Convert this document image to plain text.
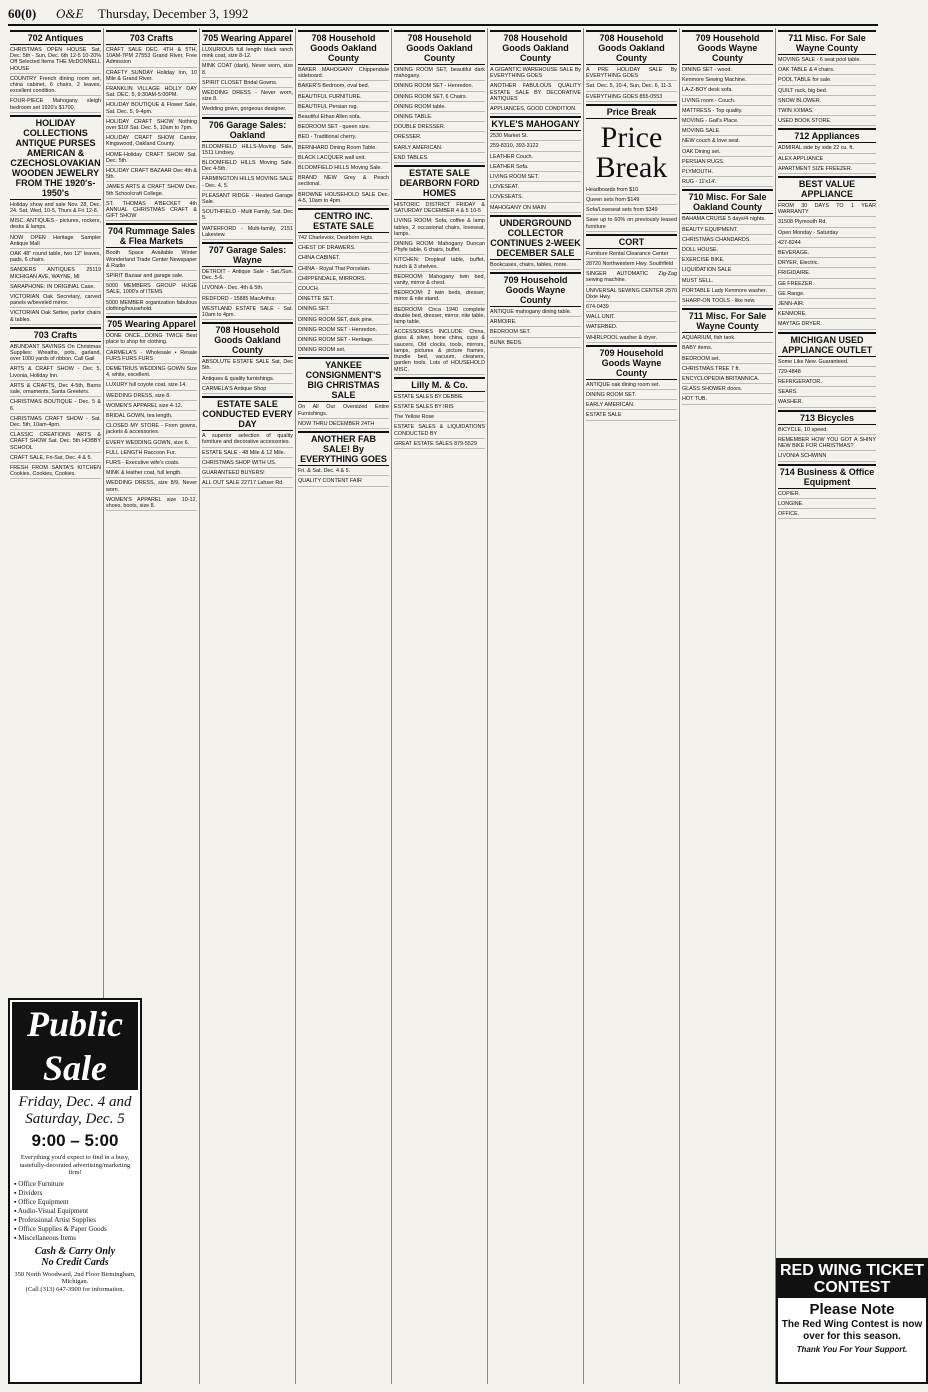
60(0) O&E Thursday, December 3, 1992
702 Antiques
CHRISTMAS OPEN HOUSE Sat, Dec. 5th - Sun, Dec. 6th 12-5 10-20% Off Selected Items THE McDONNELL HOUSE
COUNTRY French dining room set, china cabinet, 6 chairs, 2 leaves, excellent condition.
FOUR-PIECE Mahogany sleigh bedroom set 1920's $1700.
HOLIDAY COLLECTIONS ANTIQUE PURSES AMERICAN & CZECHOSLOVAKIAN WOODEN JEWELRY FROM THE 1920's-1950's
Holiday show and sale Nov. 28, Dec. 24. Sat, Wed, 10-5, Thurs & Fri 12-8.
MISC. ANTIQUES - pictures, rockers, desks & lamps.
NOW OPEN Heritage Sampler Antique Mall
OAK 48" round table, two 12" leaves, pads, 6 chairs.
SANDERS ANTIQUES 25119 MICHIGAN AVE, WAYNE, MI
SARAPHONE: IN ORIGINAL Case.
VICTORIAN Oak Secretary, carved panels w/beveled mirror.
VICTORIAN Oak Settee, parlor chairs & tables.
703 Crafts
ABUNDANT SAVINGS On Christmas Supplies: Wreaths, pots, garland, over 1000 yards of ribbon. Call Gail
ARTS & CRAFT SHOW - Dec 5, Livonia, Holiday Inn.
ARTS & CRAFTS, Dec 4-5th, Barns sale, ornaments, Santa Greeters.
CHRISTMAS BOUTIQUE - Dec. 5 & 6.
CHRISTMAS CRAFT SHOW - Sat. Dec. 5th, 10am-4pm.
CLASSIC CREATIONS ARTS & CRAFT SHOW Sat. Dec. 5th HOBBY SCHOOL
CRAFT SALE, Fri-Sat, Dec. 4 & 5.
FRESH FROM SANTA'S KITCHEN Cookies, Cookies, Cookies.
Public Sale
Friday, Dec. 4 and Saturday, Dec. 5
9:00 – 5:00
Everything you'd expect to find in a busy, tastefully-decorated advertising/marketing firm!
▪ Office Furniture
▪ Dividers
▪ Office Equipment
▪ Audio-Visual Equipment
▪ Professional Artist Supplies
▪ Office Supplies & Paper Goods
▪ Miscellaneous Items
Cash & Carry Only
No Credit Cards
350 North Woodward, 2nd Floor Birmingham, Michigan.
(Call (313) 647-3900 for information.
703 Crafts
CRAFT SALE DEC. 4TH & 5TH, 10AM-7PM 27553 Grand River, Free Admission
CRAFTY SUNDAY Holiday Inn, 10 Mile & Grand River.
FRANKLIN VILLAGE HOLLY DAY Sat. DEC. 5, 9:30AM-5:00PM.
HOLIDAY BOUTIQUE & Flower Sale, Sat. Dec. 5, 9-4pm.
HOLIDAY CRAFT SHOW Nothing over $10! Sat. Dec. 5, 10am to 7pm.
HOLIDAY CRAFT SHOW Cantor, Kingswood, Oakland County.
HOME-Holiday CRAFT SHOW Sat. Dec. 5th.
HOLIDAY CRAFT BAZAAR Dec 4th & 5th.
JAMES ARTS & CRAFT SHOW Dec. 5th Schoolcraft College.
ST. THOMAS A'BECKET 4th ANNUAL CHRISTMAS CRAFT & GIFT SHOW
704 Rummage Sales & Flea Markets
Booth Space Available Winter Wonderland Trade Center Newspaper & Radio
SPIRIT Bazaar and garage sale.
5000 MEMBERS GROUP HUGE SALE, 1000's of ITEMS
5000 MEMBER organization fabulous clothing/household.
705 Wearing Apparel
DONE ONCE...DOING TWICE Best place to shop for clothing.
CARMELA'S - Wholesale • Resale FURS FURS FURS
DEMETRIUS WEDDING GOWN Size 4, white, excellent.
LUXURY full coyote coat, size 14.
WEDDING DRESS, size 8.
WOMEN'S APPAREL size 4-12.
BRIDAL GOWN, tea length.
CLOSED MY STORE - From gowns, jackets & accessories.
EVERY WEDDING GOWN, size 6.
FULL LENGTH Raccoon Fur.
FURS - Executive wife's coats.
MINK & leather coat, full length.
WEDDING DRESS, size 8/9, Never worn.
WOMEN'S APPAREL size 10-12, shoes, boots, size 8.
705 Wearing Apparel
LUXURIOUS full length black ranch mink coat, size 8-12.
MINK COAT (dark), Never worn, size 8.
SPIRIT CLOSET Bridal Gowns.
WEDDING DRESS - Never worn, size 8.
Wedding gown, gorgeous designer.
706 Garage Sales: Oakland
BLOOMFIELD HILLS-Moving Sale, 1511 Lindsey.
BLOOMFIELD HILLS Moving Sale. Dec 4-5th.
FARMINGTON HILLS MOVING SALE - Dec. 4, 5.
PLEASANT RIDGE - Heated Garage Sale.
SOUTHFIELD - Multi Family, Sat. Dec 5.
WATERFORD - Multi-family, 2151 Lakeview.
707 Garage Sales: Wayne
DETROIT - Antique Sale - Sat./Sun. Dec. 5-6.
LIVONIA - Dec. 4th & 5th.
REDFORD - 15885 MacArthur.
WESTLAND ESTATE SALE - Sat. 10am to 4pm.
708 Household Goods Oakland County
ABSOLUTE ESTATE SALE Sat, Dec 5th.
Antiques & quality furnishings.
CARMELA'S Antique Shop
ESTATE SALE CONDUCTED EVERY DAY
A superior selection of quality furniture and decorative accessories.
ESTATE SALE - 48 Mile & 12 Mile.
CHRISTMAS SHOP WITH US.
GUARANTEED BUYERS!
ALL OUT SALE 22717 Lahser Rd.
708 Household Goods Oakland County
BAKER MAHOGANY Chippendale sideboard.
BAKER'S Bedroom, oval bed.
BEAUTIFUL FURNITURE.
BEAUTIFUL Persian rug.
Beautiful Ethan Allen sofa.
BEDROOM SET - queen size.
BED - Traditional cherry.
BERNHARD Dining Room Table.
BLACK LACQUER wall unit.
BLOOMFIELD HILLS Moving Sale.
BRAND NEW Grey & Peach sectional.
BROWNE HOUSEHOLD SALE Dec. 4-5, 10am to 4pm.
CENTRO INC. ESTATE SALE
742 Charlevoix, Dearborn Hgts.
CHEST OF DRAWERS.
CHINA CABINET.
CHINA - Royal Thai Porcelain.
CHIPPENDALE, MIRRORS.
COUCH.
DINETTE SET.
DINING SET.
DINING ROOM SET, dark pine.
DINING ROOM SET - Henredon.
DINING ROOM SET - Heritage.
DINING ROOM set.
YANKEE CONSIGNMENT'S BIG CHRISTMAS SALE
On All Our Oversized Entire Furnishings.
NOW THRU DECEMBER 24TH
ANOTHER FAB SALE! By EVERYTHING GOES
Fri. & Sat. Dec. 4 & 5.
QUALITY CONTENT FAIR
708 Household Goods Oakland County
DINING ROOM SET, beautiful dark mahogany.
DINING ROOM SET - Henredon.
DINING ROOM SET, 6 Chairs.
DINING ROOM table.
DINING TABLE.
DOUBLE DRESSER.
DRESSER.
EARLY AMERICAN.
END TABLES.
ESTATE SALE DEARBORN FORD HOMES
HISTORIC DISTRICT FRIDAY & SATURDAY DECEMBER 4 & 5 10-5
LIVING ROOM: Sofa, coffee & lamp tables, 2 occasional chairs, loveseat, lamps.
DINING ROOM: Mahogany Duncan Phyfe table, 6 chairs, buffet.
KITCHEN: Dropleaf table, buffet, hutch & 3 shelves.
BEDROOM: Mahogany twin bed, vanity, mirror & chest.
BEDROOM: 2 twin beds, dresser, mirror & nite stand.
BEDROOM: Circa 1940 complete double bed, dresser, mirror, nite table, lamp table.
ACCESSORIES INCLUDE: China, glass & silver, bone china, cups & saucers, Old clocks, tools, mirrors, lamps, pictures & picture frames, trundle bed, vacuum, cleaners, garden tools. Lots of HOUSEHOLD MISC.
Lilly M. & Co.
ESTATE SALES BY DEBBIE
ESTATE SALES BY IRIS
The Yellow Rose
ESTATE SALES & LIQUIDATIONS CONDUCTED BY
GREAT ESTATE SALES 879-5529
708 Household Goods Oakland County
A GIGANTIC WAREHOUSE SALE By EVERYTHING GOES
ANOTHER FABULOUS QUALITY ESTATE SALE BY DECORATIVE ANTIQUES
APPLIANCES, GOOD CONDITION.
KYLE'S MAHOGANY
2530 Market St.
259-8310, 393-3122
LEATHER Couch.
LEATHER Sofa.
LIVING ROOM SET.
LOVESEAT.
LOVESEATS.
MAHOGANY ON MAIN
UNDERGROUND COLLECTOR CONTINUES 2-WEEK DECEMBER SALE
Bookcases, chairs, tables, more.
709 Household Goods Wayne County
ANTIQUE mahogany dining table.
ARMOIRE.
BEDROOM SET.
BUNK BEDS.
708 Household Goods Oakland County
A PRE HOLIDAY SALE By EVERYTHING GOES
Sat. Dec. 5, 10-4, Sun, Dec. 6, 11-3.
EVERYTHING GOES 855-0553
Price Break
Price Break
Headboards from $10
Queen sets from $149
Sofa/Loveseat sets from $349
Save up to 60% on previously leased furniture
CORT
Furniture Rental Clearance Center
28720 Northwestern Hwy. Southfield
SINGER AUTOMATIC Zig-Zag sewing machine.
UNIVERSAL SEWING CENTER 2570 Dixie Hwy.
674-0439
WALL UNIT.
WATERBED.
WHIRLPOOL washer & dryer.
709 Household Goods Wayne County
ANTIQUE oak dining room set.
DINING ROOM SET.
EARLY AMERICAN.
ESTATE SALE
709 Household Goods Wayne County
DINING SET - wood.
Kenmore Sewing Machine.
LA-Z-BOY desk sofa.
LIVING room - Couch.
MATTRESS - Top quality.
MOVING - Gail's Place.
MOVING SALE.
NEW couch & love seat.
OAK Dining set.
PERSIAN RUGS.
PLYMOUTH.
RUG - 11'x14'.
710 Misc. For Sale Oakland County
BAHAMA CRUISE 5 days/4 nights.
BEAUTY EQUIPMENT.
CHRISTMAS CHANDARDS.
DOLL HOUSE.
EXERCISE BIKE.
LIQUIDATION SALE
MUST SELL.
PORTABLE Lady Kenmore washer.
SHARP-ON TOOLS - like new.
711 Misc. For Sale Wayne County
AQUARIUM, fish tank.
BABY items.
BEDROOM set.
CHRISTMAS TREE 7 ft.
ENCYCLOPEDIA BRITANNICA.
GLASS SHOWER doors.
HOT TUB.
711 Misc. For Sale Wayne County
MOVING SALE - 6 seat pool table.
OAK TABLE & 4 chairs.
POOL TABLE for sale.
QUILT rack, big bed.
SNOW BLOWER.
TWIN XXMAS.
USED BOOK STORE.
712 Appliances
ADMIRAL side by side 22 cu. ft.
ALEX APPLIANCE
APARTMENT SIZE FREEZER.
BEST VALUE APPLIANCE
FROM 30 DAYS TO 1 YEAR WARRANTY
31508 Plymouth Rd.
Open Monday - Saturday
427-8244
BEVERAGE.
DRYER, Electric.
FRIGIDAIRE.
GE FREEZER.
GE Range.
JENN-AIR.
KENMORE.
MAYTAG DRYER.
MICHIGAN USED APPLIANCE OUTLET
Some Like New. Guaranteed.
729-4848
REFRIGERATOR.
SEARS.
WASHER.
713 Bicycles
BICYCLE, 10 speed.
REMEMBER HOW YOU GOT A SHINY NEW BIKE FOR CHRISTMAS?
LIVONIA SCHWINN
714 Business & Office Equipment
COPIER.
LONGINE.
OFFICE.
RED WING TICKET CONTEST
Please Note
The Red Wing Contest is now over for this season.
Thank You For Your Support.
